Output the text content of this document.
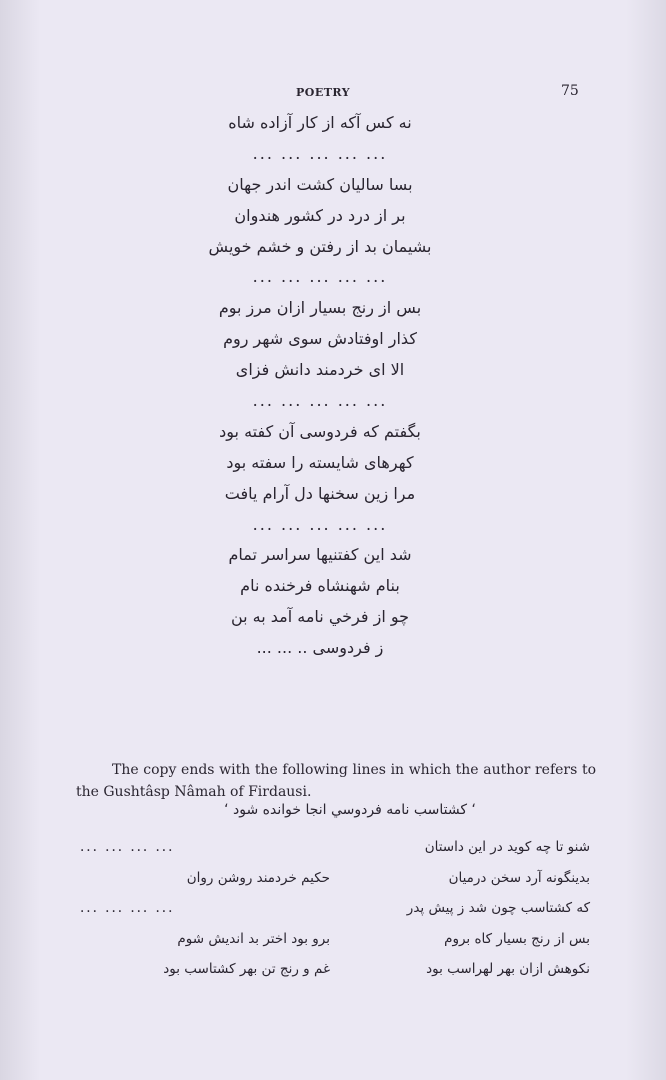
POETRY	75
نه کس آکه از کار آزاده شاه
... ... ... ... ...
بسا سالیان کشت اندر جهان
بر از درد در کشور هندوان
بشیمان بد از رفتن و خشم خویش
... ... ... ... ...
بس از رنج بسیار ازان مرز بوم
کذار اوفتادش سوی شهر روم
الا ای خردمند دانش فزای
... ... ... ... ...
بگفتم که فردوسی آن کفته بود
کهرهای شایسته را سفته بود
مرا زین سخنها دل آرام یافت
... ... ... ... ...
شد این کفتنیها سراسر تمام
بنام شهنشاه فرخنده نام
چو از فرخي نامه آمد به بن
ز فردوسی .. ... ...
The copy ends with the following lines in which the author refers to the Gushtâsp Nâmah of Firdausi.
‘ کشتاسب نامه فردوسي انجا خوانده شود ‘
... ... ... ...	شنو تا چه کوید در این داستان
حکیم خردمند روشن روان	بدینگونه آرد سخن درمیان
... ... ... ...	که کشتاسب چون شد ز پیش پدر
برو بود اختر بد اندیش شوم	بس از رنج بسیار کاه بروم
غم و رنج تن بهر کشتاسب بود	نکوهش ازان بهر لهراسب بود
